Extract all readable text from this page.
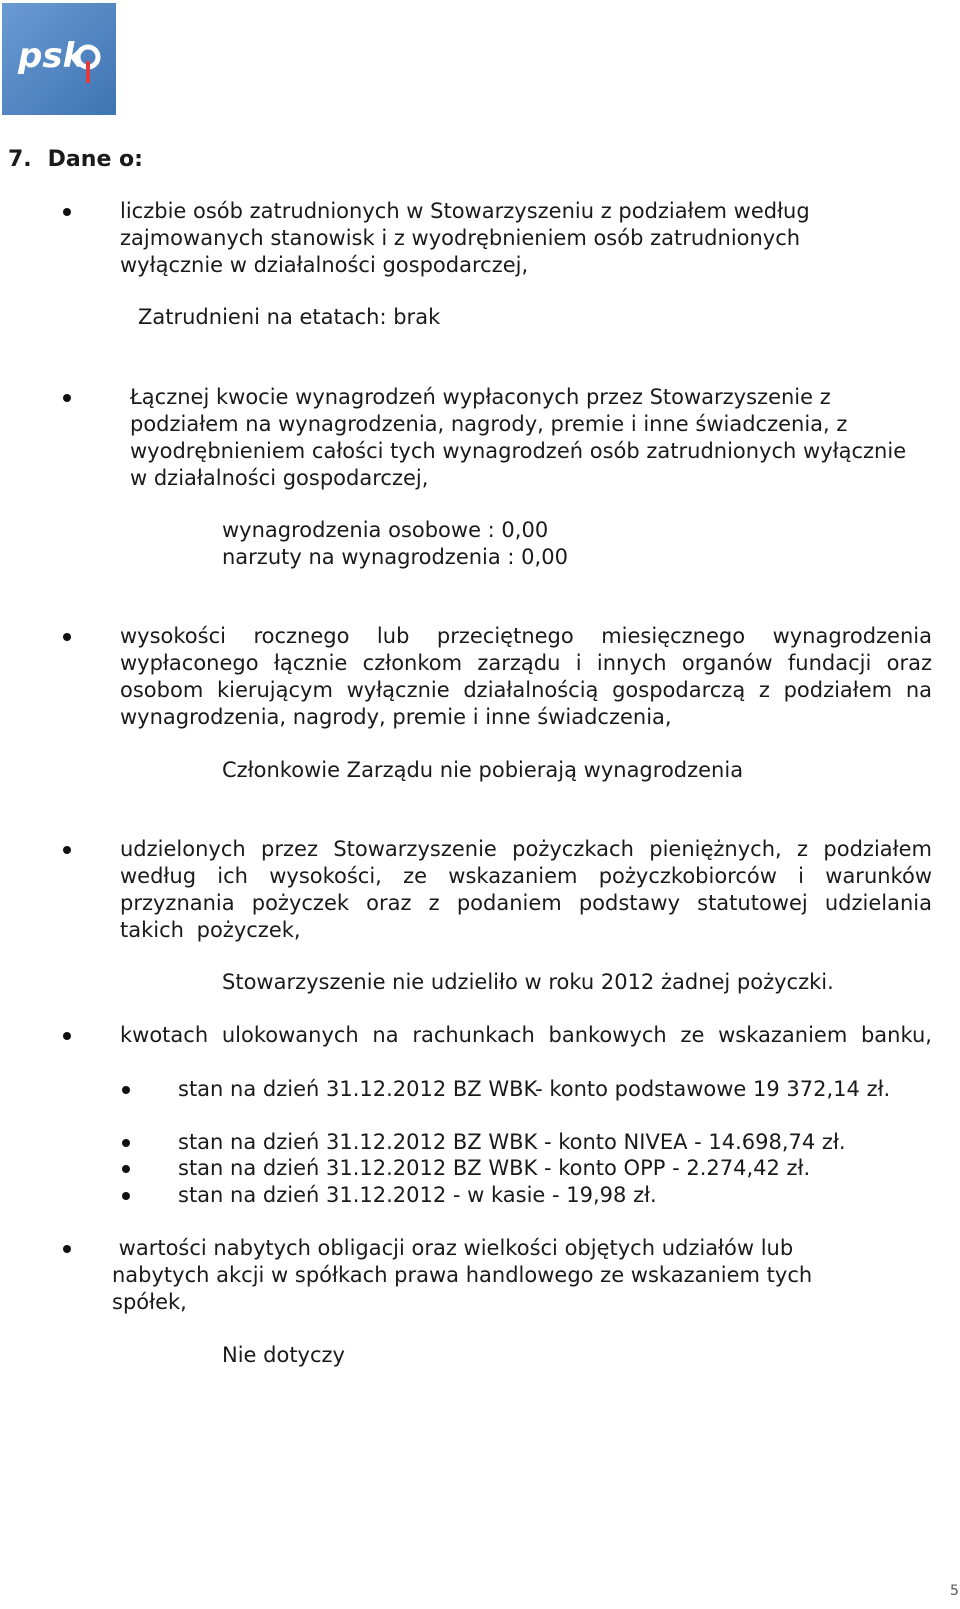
psk
7. Dane o:
liczbie osób zatrudnionych w Stowarzyszeniu z podziałem według zajmowanych stanowisk i z wyodrębnieniem osób zatrudnionych wyłącznie w działalności gospodarczej,
Zatrudnieni na etatach: brak
Łącznej kwocie wynagrodzeń wypłaconych przez Stowarzyszenie z podziałem na wynagrodzenia, nagrody, premie i inne świadczenia, z wyodrębnieniem całości tych wynagrodzeń osób zatrudnionych wyłącznie w działalności gospodarczej,
wynagrodzenia osobowe : 0,00
narzuty na wynagrodzenia : 0,00
wysokości rocznego lub przeciętnego miesięcznego wynagrodzenia wypłaconego łącznie członkom zarządu i innych organów fundacji oraz osobom kierującym wyłącznie działalnością gospodarczą z podziałem na wynagrodzenia, nagrody, premie i inne świadczenia,
Członkowie Zarządu nie pobierają wynagrodzenia
udzielonych przez Stowarzyszenie pożyczkach pieniężnych, z podziałem według ich wysokości, ze wskazaniem pożyczkobiorców i warunków przyznania pożyczek oraz z podaniem podstawy statutowej udzielania takich pożyczek,
Stowarzyszenie nie udzieliło w roku 2012 żadnej pożyczki.
kwotach ulokowanych na rachunkach bankowych ze wskazaniem banku,
stan na dzień 31.12.2012 BZ WBK- konto podstawowe 19 372,14 zł.
stan na dzień 31.12.2012 BZ WBK - konto NIVEA - 14.698,74 zł.
stan na dzień 31.12.2012 BZ WBK - konto OPP - 2.274,42 zł.
stan na dzień 31.12.2012 - w kasie - 19,98 zł.
wartości nabytych obligacji oraz wielkości objętych udziałów lub
nabytych akcji w spółkach prawa handlowego ze wskazaniem tych
spółek,
Nie dotyczy
5
